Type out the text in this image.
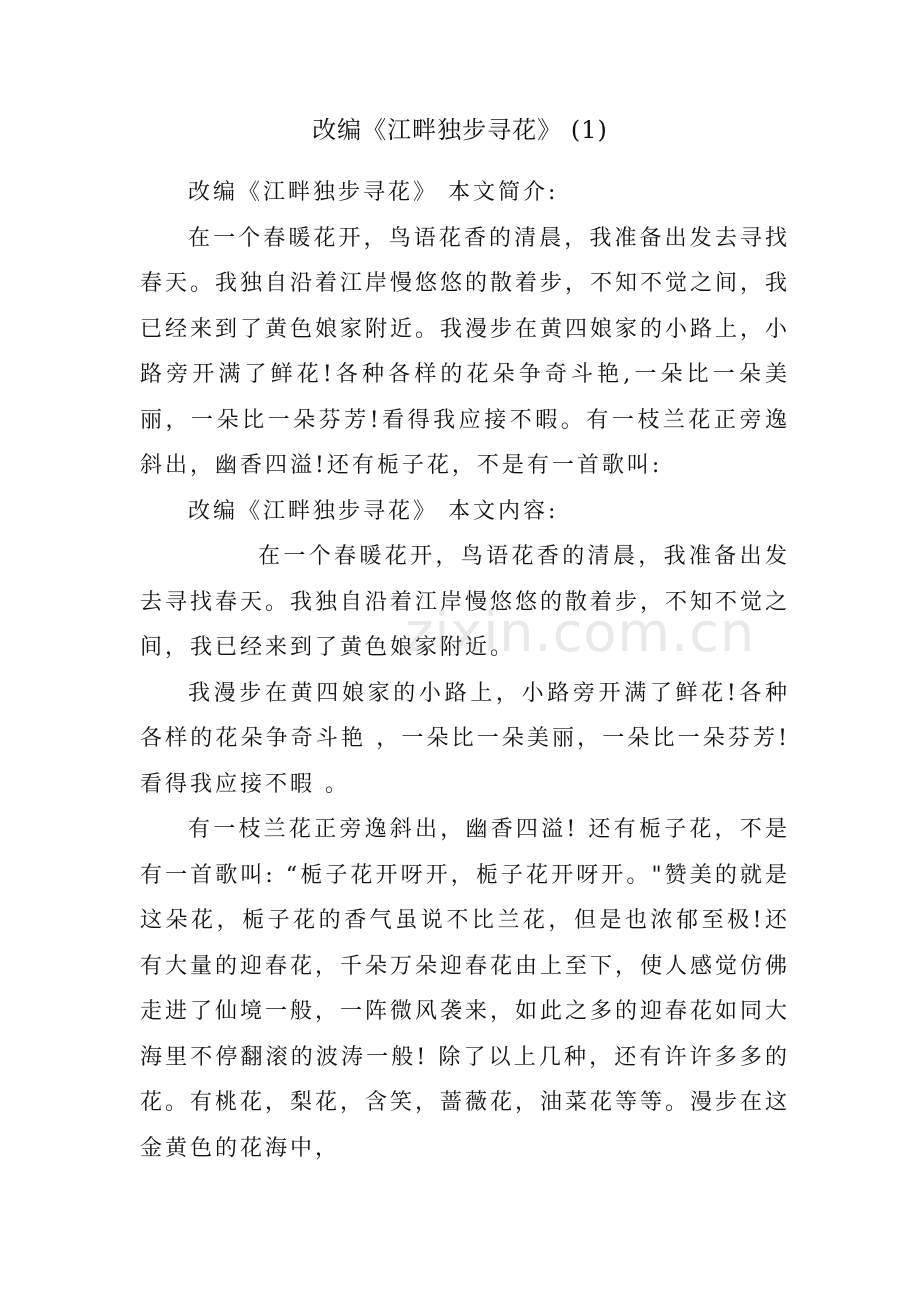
改编《江畔独步寻花》 (1)

改编《江畔独步寻花》 本文简介:

在一个春暖花开，鸟语花香的清晨，我准备出发去寻找春天。我独自沿着江岸慢悠悠的散着步，不知不觉之间，我已经来到了黄色娘家附近。我漫步在黄四娘家的小路上，小路旁开满了鲜花!各种各样的花朵争奇斗艳,一朵比一朵美丽，一朵比一朵芬芳!看得我应接不暇。有一枝兰花正旁逸斜出，幽香四溢!还有栀子花，不是有一首歌叫:

改编《江畔独步寻花》 本文内容:

在一个春暖花开，鸟语花香的清晨，我准备出发去寻找春天。我独自沿着江岸慢悠悠的散着步，不知不觉之间，我已经来到了黄色娘家附近。

我漫步在黄四娘家的小路上，小路旁开满了鲜花!各种各样的花朵争奇斗艳 ，一朵比一朵美丽，一朵比一朵芬芳!看得我应接不暇 。

有一枝兰花正旁逸斜出，幽香四溢! 还有栀子花，不是有一首歌叫: “栀子花开呀开，栀子花开呀开。"赞美的就是这朵花，栀子花的香气虽说不比兰花，但是也浓郁至极!还有大量的迎春花，千朵万朵迎春花由上至下，使人感觉仿佛走进了仙境一般，一阵微风袭来，如此之多的迎春花如同大海里不停翻滚的波涛一般! 除了以上几种，还有许许多多的花。有桃花，梨花，含笑，蔷薇花，油菜花等等。漫步在这金黄色的花海中，

zixin.com.cn
